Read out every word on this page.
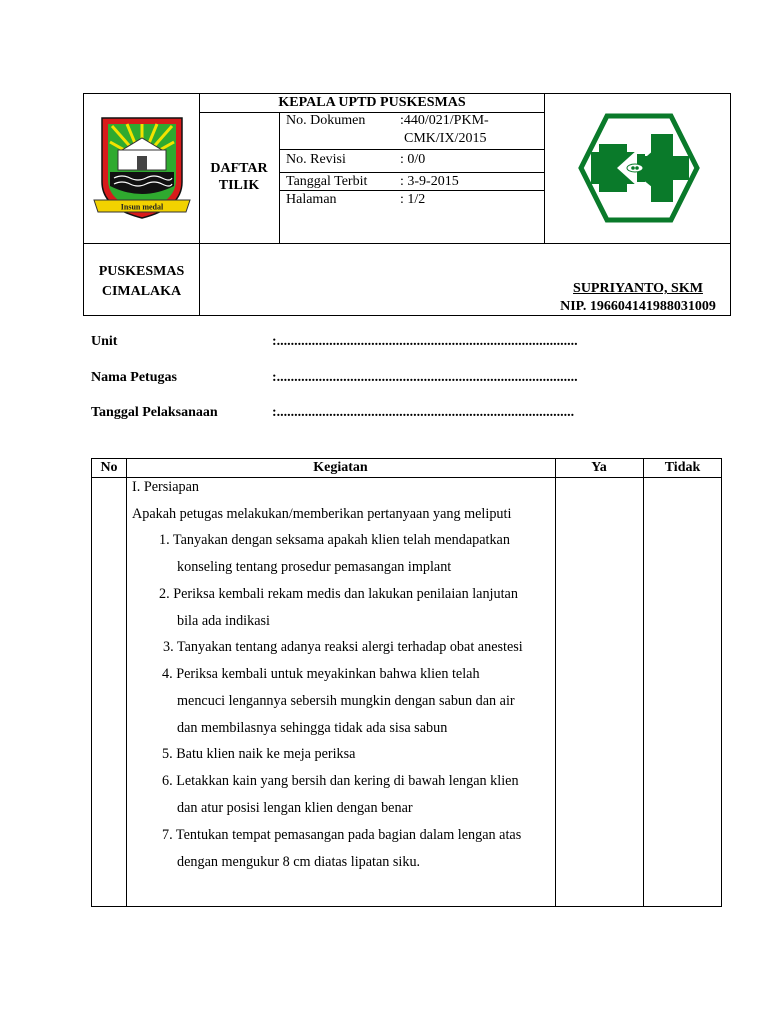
Insun medal
KEPALA UPTD PUSKESMAS
DAFTAR TILIK
No. Dokumen :440/021/PKM-
CMK/IX/2015
No. Revisi	: 0/0
Tanggal Terbit : 3-9-2015
Halaman	: 1/2
PUSKESMAS
CIMALAKA	SUPRIYANTO, SKM
NIP. 196604141988031009
Unit	:......................................................................................
Nama Petugas	:......................................................................................
Tanggal Pelaksanaan	:.....................................................................................
No	Kegiatan	Ya	Tidak
I. Persiapan
Apakah petugas melakukan/memberikan pertanyaan yang meliputi
1. Tanyakan dengan seksama apakah klien telah mendapatkan
konseling tentang prosedur pemasangan implant
2. Periksa kembali rekam medis dan lakukan penilaian lanjutan
bila ada indikasi
3. Tanyakan tentang adanya reaksi alergi terhadap obat anestesi
4. Periksa kembali untuk meyakinkan bahwa klien telah
mencuci lengannya sebersih mungkin dengan sabun dan air
dan membilasnya sehingga tidak ada sisa sabun
5. Batu klien naik ke meja periksa
6. Letakkan kain yang bersih dan kering di bawah lengan klien
dan atur posisi lengan klien dengan benar
7. Tentukan tempat pemasangan pada bagian dalam lengan atas
dengan mengukur 8 cm diatas lipatan siku.
